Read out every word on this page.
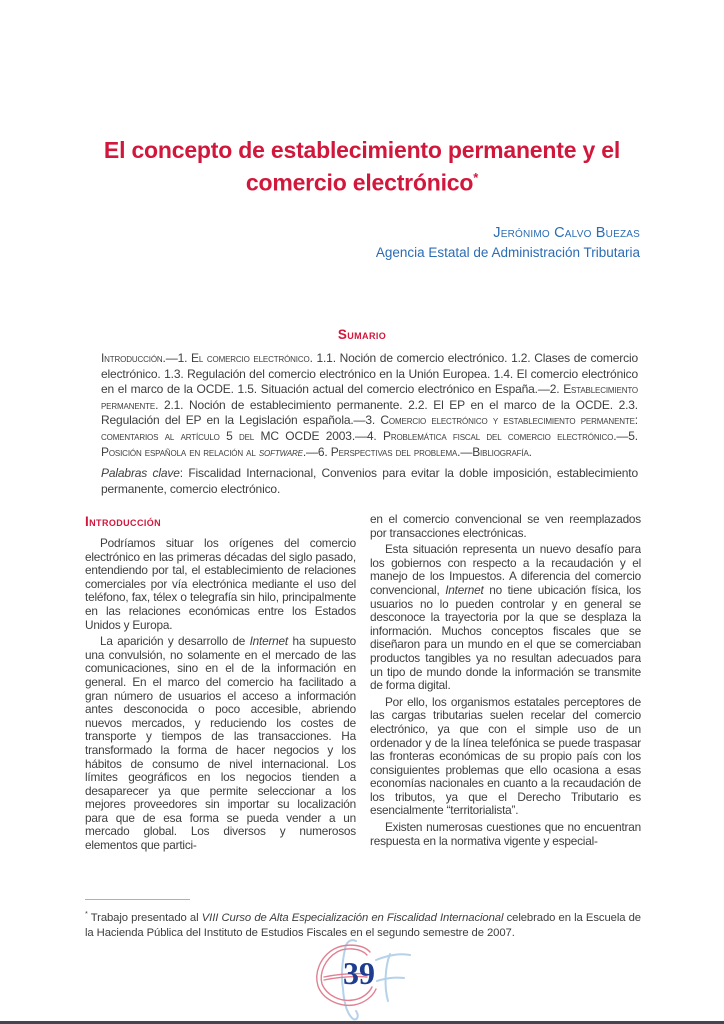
El concepto de establecimiento permanente y el
comercio electrónico*
Jerónimo Calvo Buezas
Agencia Estatal de Administración Tributaria
Sumario

Introducción.—1. El comercio electrónico. 1.1. Noción de comercio electrónico. 1.2. Clases de comercio electrónico. 1.3. Regulación del comercio electrónico en la Unión Europea. 1.4. El comercio electrónico en el marco de la OCDE. 1.5. Situación actual del comercio electrónico en España.—2. Establecimiento permanente. 2.1. Noción de establecimiento permanente. 2.2. El EP en el marco de la OCDE. 2.3. Regulación del EP en la Legislación española.—3. Comercio electrónico y establecimiento permanente: comentarios al artículo 5 del MC OCDE 2003.—4. Problemática fiscal del comercio electrónico.—5. Posición española en relación al software.—6. Perspectivas del problema.—Bibliografía.

Palabras clave: Fiscalidad Internacional, Convenios para evitar la doble imposición, establecimiento permanente, comercio electrónico.

Introducción

Podríamos situar los orígenes del comercio electrónico en las primeras décadas del siglo pasado, entendiendo por tal, el establecimiento de relaciones comerciales por vía electrónica mediante el uso del teléfono, fax, télex o telegrafía sin hilo, principalmente en las relaciones económicas entre los Estados Unidos y Europa.

La aparición y desarrollo de Internet ha supuesto una convulsión, no solamente en el mercado de las comunicaciones, sino en el de la información en general. En el marco del comercio ha facilitado a gran número de usuarios el acceso a información antes desconocida o poco accesible, abriendo nuevos mercados, y reduciendo los costes de transporte y tiempos de las transacciones. Ha transformado la forma de hacer negocios y los hábitos de consumo de nivel internacional. Los límites geográficos en los negocios tienden a desaparecer ya que permite seleccionar a los mejores proveedores sin importar su localización para que de esa forma se pueda vender a un mercado global. Los diversos y numerosos elementos que partici-

en el comercio convencional se ven reemplazados por transacciones electrónicas.

Esta situación representa un nuevo desafío para los gobiernos con respecto a la recaudación y el manejo de los Impuestos. A diferencia del comercio convencional, Internet no tiene ubicación física, los usuarios no lo pueden controlar y en general se desconoce la trayectoria por la que se desplaza la información. Muchos conceptos fiscales que se diseñaron para un mundo en el que se comerciaban productos tangibles ya no resultan adecuados para un tipo de mundo donde la información se transmite de forma digital.

Por ello, los organismos estatales perceptores de las cargas tributarias suelen recelar del comercio electrónico, ya que con el simple uso de un ordenador y de la línea telefónica se puede traspasar las fronteras económicas de su propio país con los consiguientes problemas que ello ocasiona a esas economías nacionales en cuanto a la recaudación de los tributos, ya que el Derecho Tributario es esencialmente “territorialista”.

Existen numerosas cuestiones que no encuentran respuesta en la normativa vigente y especial-

* Trabajo presentado al VIII Curso de Alta Especialización en Fiscalidad Internacional celebrado en la Escuela de la Hacienda Pública del Instituto de Estudios Fiscales en el segundo semestre de 2007.

39
